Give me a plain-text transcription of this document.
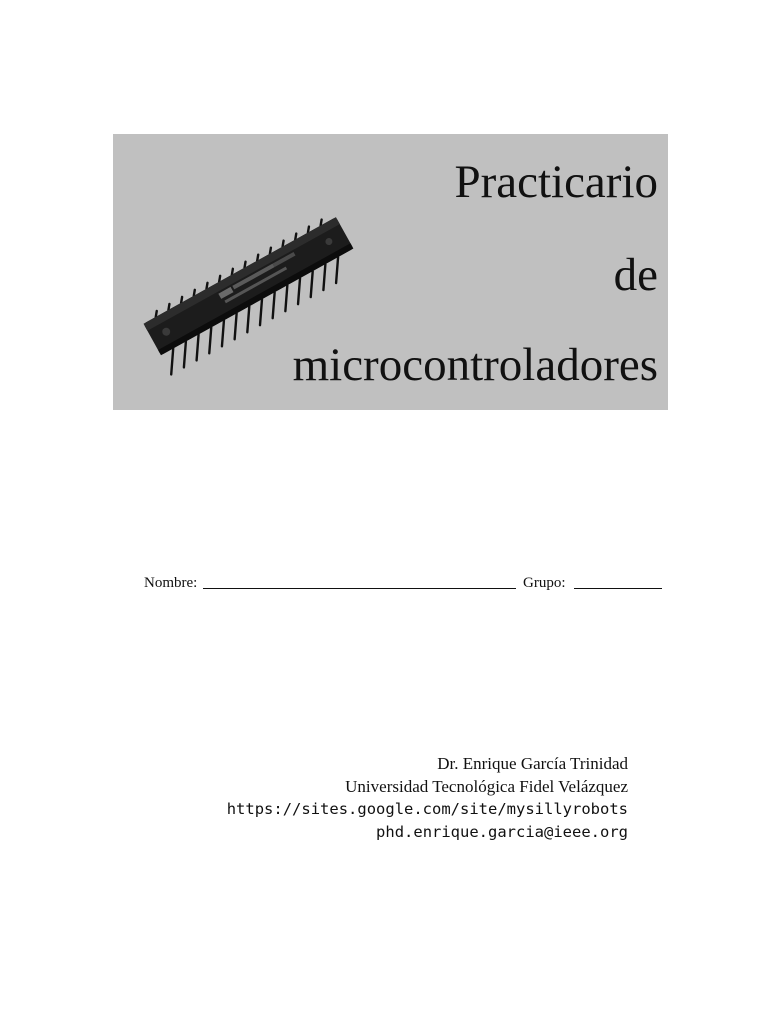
Practicario
de
microcontroladores
Nombre:	Grupo:
Dr. Enrique García Trinidad
Universidad Tecnológica Fidel Velázquez
https://sites.google.com/site/mysillyrobots
phd.enrique.garcia@ieee.org
